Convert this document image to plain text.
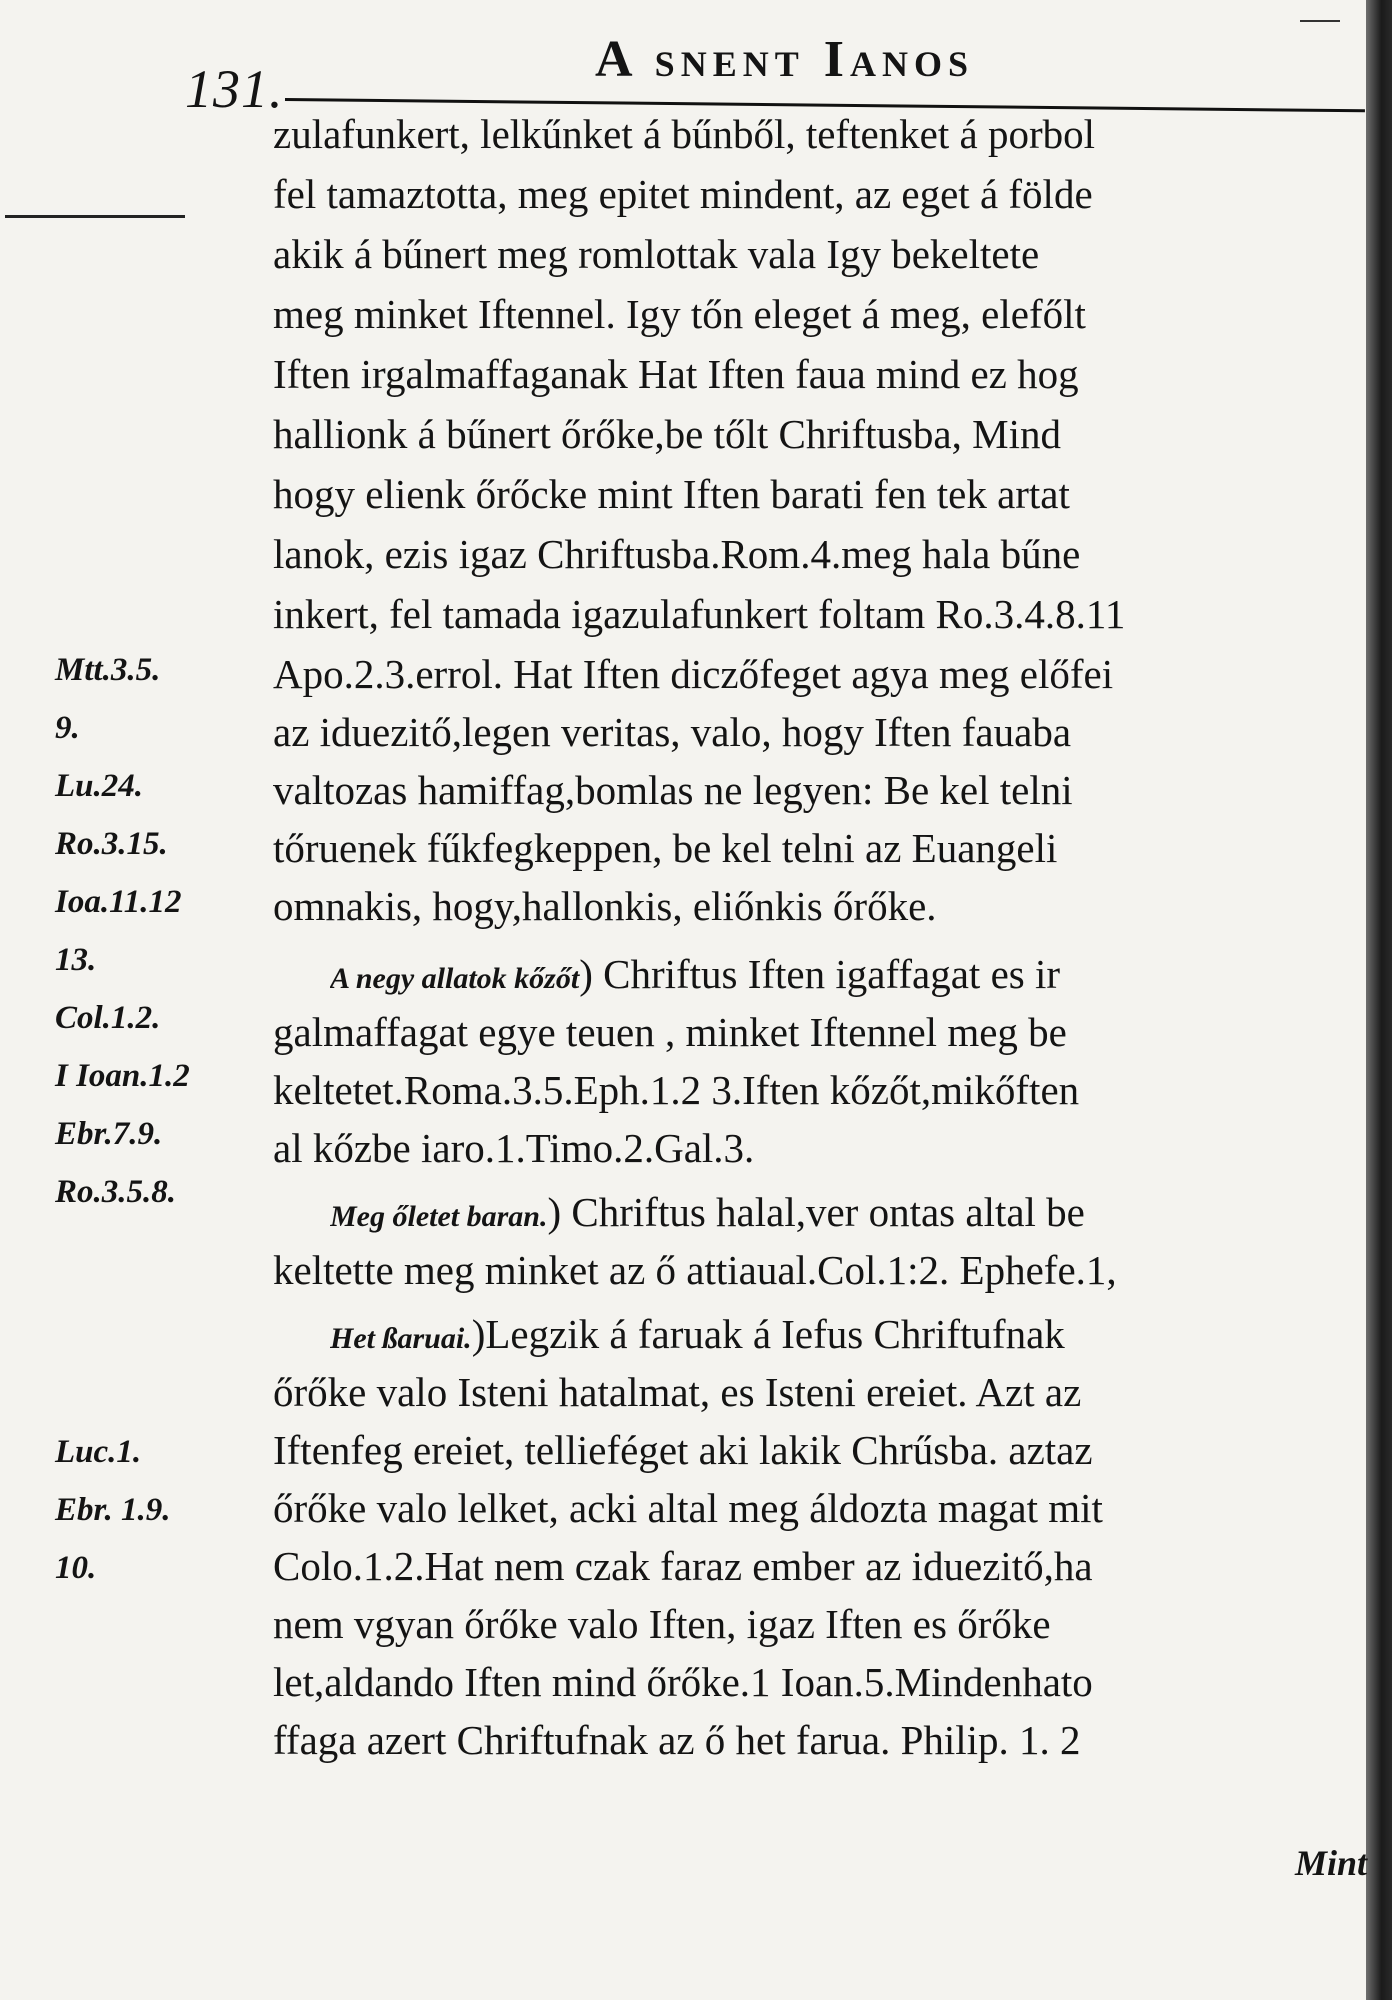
131.	A snent Ianos
zulafunkert, lelkűnket á bűnből, teftenket á porbol
fel tamaztotta, meg epitet mindent, az eget á földe
akik á bűnert meg romlottak vala Igy bekeltete
meg minket Iftennel. Igy tőn eleget á meg, elefőlt
Iften irgalmaffaganak Hat Iften faua mind ez hog
hallionk á bűnert őrőke,be tőlt Chriftusba, Mind
hogy elienk őrőcke mint Iften barati fen tek artat
lanok, ezis igaz Chriftusba.Rom.4.meg hala bűne
inkert, fel tamada igazulafunkert foltam Ro.3.4.8.11
Apo.2.3.errol. Hat Iften diczőfeget agya meg előfei
az iduezitő,legen veritas, valo, hogy Iften fauaba
valtozas hamiffag,bomlas ne legyen: Be kel telni
tőruenek fűkfegkeppen, be kel telni az Euangeli
omnakis, hogy,hallonkis, eliőnkis őrőke.
A negy allatok kőzőt) Chriftus Iften igaffagat es ir
galmaffagat egye teuen , minket Iftennel meg be
keltetet.Roma.3.5.Eph.1.2 3.Iften kőzőt,mikőften
al kőzbe iaro.1.Timo.2.Gal.3.
Meg őletet baran.) Chriftus halal,ver ontas altal be
keltette meg minket az ő attiaual.Col.1:2. Ephefe.1,
Het ßaruai.)Legzik á faruak á Iefus Chriftufnak
őrőke valo Isteni hatalmat, es Isteni ereiet. Azt az
Iftenfeg ereiet, tellieféget aki lakik Chrűsba. aztaz
őrőke valo lelket, acki altal meg áldozta magat mit
Colo.1.2.Hat nem czak faraz ember az iduezitő,ha
nem vgyan őrőke valo Iften, igaz Iften es őrőke
let,aldando Iften mind őrőke.1 Ioan.5.Mindenhato
ffaga azert Chriftufnak az ő het farua. Philip. 1. 2
Mtt.3.5.
9.
Lu.24.
Ro.3.15.
Ioa.11.12
13.
Col.1.2.
I Ioan.1.2
Ebr.7.9.
Ro.3.5.8.
Luc.1.
Ebr. 1.9.
10.
Mint
